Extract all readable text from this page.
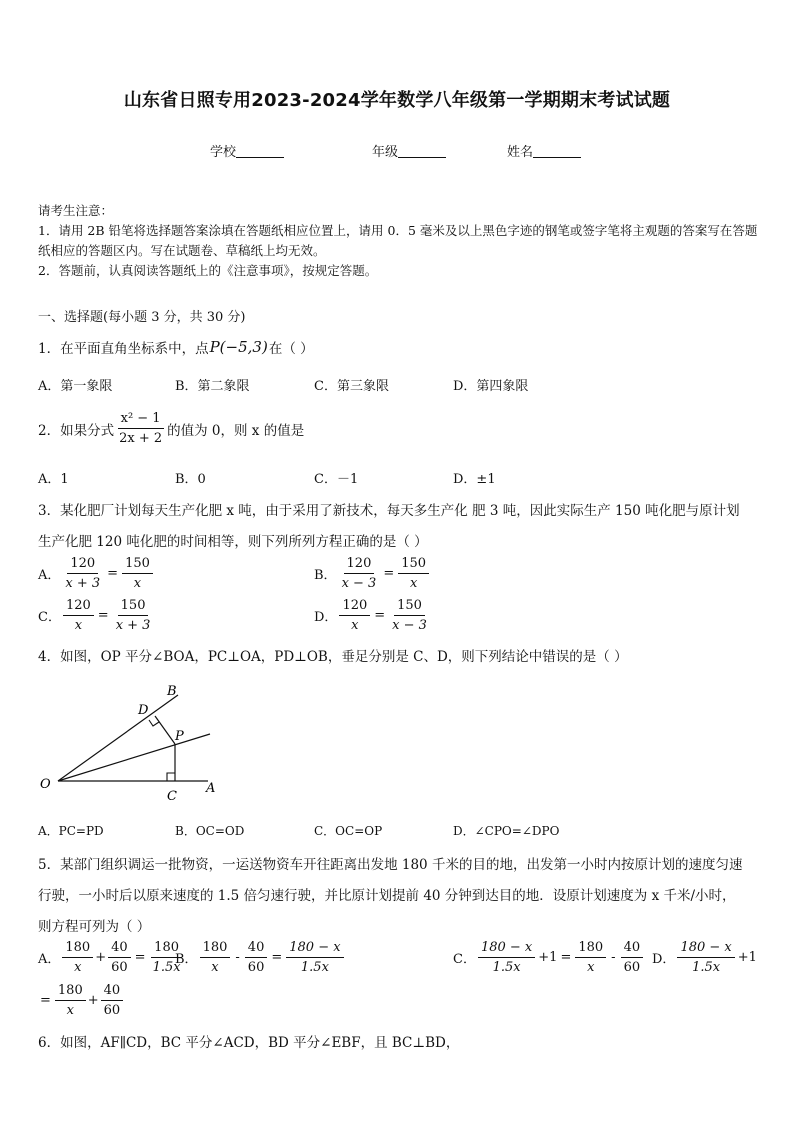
山东省日照专用2023-2024学年数学八年级第一学期期末考试试题
学校	年级	姓名
请考生注意：
1．请用 2B 铅笔将选择题答案涂填在答题纸相应位置上，请用 0．5 毫米及以上黑色字迹的钢笔或签字笔将主观题的答案写在答题纸相应的答题区内。写在试题卷、草稿纸上均无效。
2．答题前，认真阅读答题纸上的《注意事项》，按规定答题。
一、选择题(每小题 3 分，共 30 分)
1．在平面直角坐标系中，点 P(−5,3) 在（ ）
A．第一象限	B．第二象限	C．第三象限	D．第四象限
2．如果分式 $\frac{\text{x² − 1}}{2x + 2}$ 的值为 0，则 x 的值是
A．1	B．0	C．－1	D．±1
3．某化肥厂计划每天生产化肥 x 吨，由于采用了新技术，每天多生产化 肥 3 吨，因此实际生产 150 吨化肥与原计划
生产化肥 120 吨化肥的时间相等，则下列所列方程正确的是（ ）
A． $\frac{120}{x + 3} = \frac{150}{x}$	B． $\frac{120}{x - 3} = \frac{150}{x}$
C． $\frac{120}{x} = \frac{150}{x + 3}$	D． $\frac{120}{x} = \frac{150}{x - 3}$
4．如图，OP 平分∠BOA，PC⊥OA，PD⊥OB，垂足分别是 C、D，则下列结论中错误的是（ ）
O	A
B
C
D
P
A．PC=PD	B．OC=OD	C．OC=OP	D．∠CPO=∠DPO
5．某部门组织调运一批物资，一运送物资车开往距离出发地 180 千米的目的地，出发第一小时内按原计划的速度匀速
行驶，一小时后以原来速度的 1.5 倍匀速行驶，并比原计划提前 40 分钟到达目的地．设原计划速度为 x 千米/小时，
则方程可列为（ ）
A． $\frac{180}{x} + \frac{40}{60} = \frac{180}{1.5x}$
B． $\frac{180}{x} - \frac{40}{60} = \frac{180 - x}{1.5x}$	C． $\frac{180 - x}{1.5x} +1 = \frac{180}{x} - \frac{40}{60}$ D． $\frac{180 - x}{1.5x} +1$
= $\frac{180}{x} + \frac{40}{60}$
6．如图，AF∥CD，BC 平分∠ACD，BD 平分∠EBF，且 BC⊥BD，
